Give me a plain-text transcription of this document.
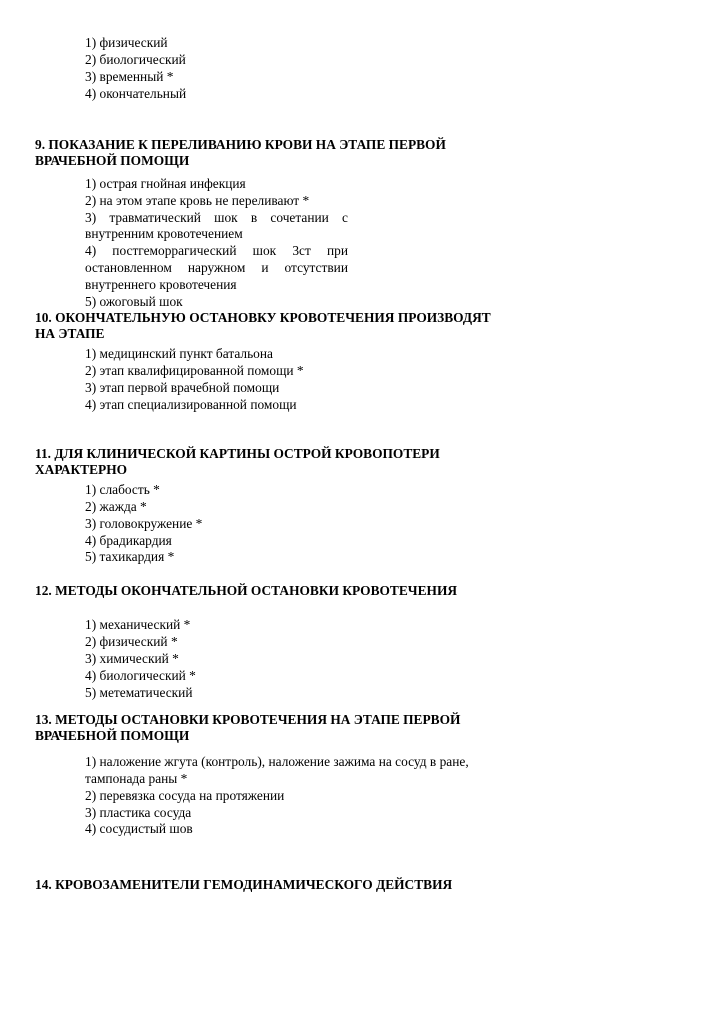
1) физический
2) биологический
3) временный *
4) окончательный
9. ПОКАЗАНИЕ К ПЕРЕЛИВАНИЮ КРОВИ НА ЭТАПЕ ПЕРВОЙ
ВРАЧЕБНОЙ ПОМОЩИ
1) острая гнойная инфекция
2) на этом этапе кровь не переливают *
3) травматический шок в сочетании с
внутренним кровотечением
4) постгеморрагический шок 3ст при
остановленном наружном и отсутствии
внутреннего кровотечения
5) ожоговый шок
10. ОКОНЧАТЕЛЬНУЮ ОСТАНОВКУ КРОВОТЕЧЕНИЯ ПРОИЗВОДЯТ
НА ЭТАПЕ
1) медицинский пункт батальона
2) этап квалифицированной помощи *
3) этап первой врачебной помощи
4) этап специализированной помощи
11. ДЛЯ КЛИНИЧЕСКОЙ КАРТИНЫ ОСТРОЙ КРОВОПОТЕРИ
ХАРАКТЕРНО
1) слабость *
2) жажда *
3) головокружение *
4) брадикардия
5) тахикардия *
12. МЕТОДЫ ОКОНЧАТЕЛЬНОЙ ОСТАНОВКИ КРОВОТЕЧЕНИЯ
1) механический *
2) физический *
3) химический *
4) биологический *
5) метематический
13. МЕТОДЫ ОСТАНОВКИ КРОВОТЕЧЕНИЯ НА ЭТАПЕ ПЕРВОЙ
ВРАЧЕБНОЙ ПОМОЩИ
1) наложение жгута (контроль), наложение зажима на сосуд в ране,
тампонада раны *
2) перевязка сосуда на протяжении
3) пластика сосуда
4) сосудистый шов
14. КРОВОЗАМЕНИТЕЛИ ГЕМОДИНАМИЧЕСКОГО ДЕЙСТВИЯ
